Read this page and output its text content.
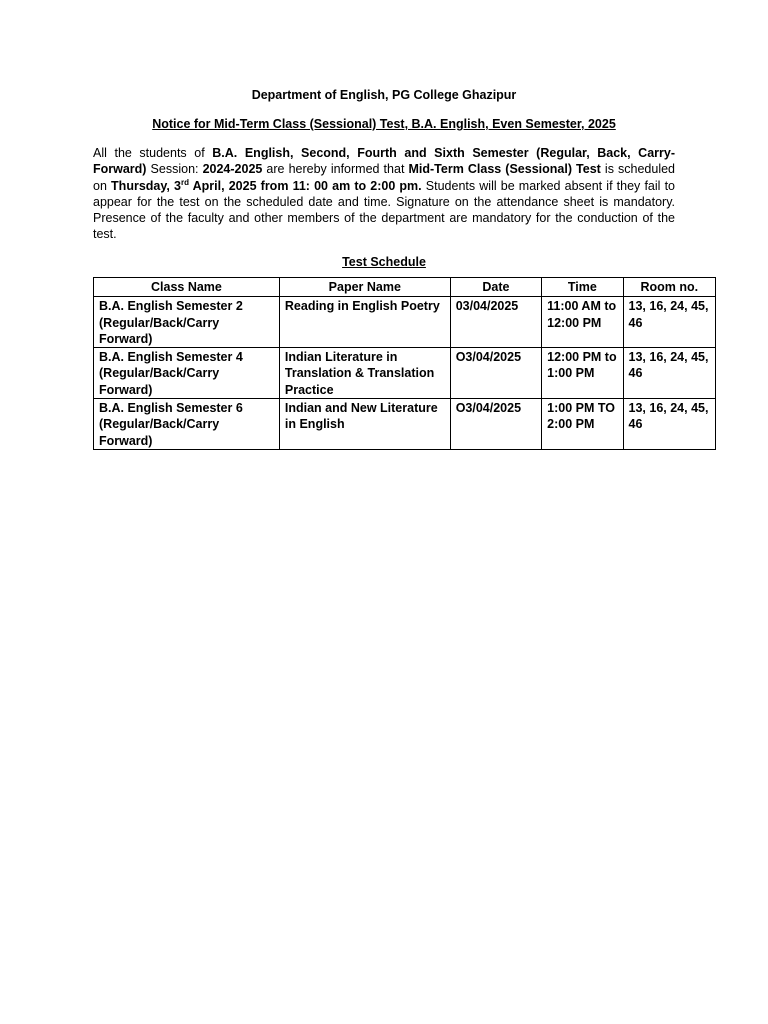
Department of English, PG College Ghazipur
Notice for Mid-Term Class (Sessional) Test, B.A. English, Even Semester, 2025

All the students of B.A. English, Second, Fourth and Sixth Semester (Regular, Back, Carry-Forward) Session: 2024-2025 are hereby informed that Mid-Term Class (Sessional) Test is scheduled on Thursday, 3rd April, 2025 from 11: 00 am to 2:00 pm. Students will be marked absent if they fail to appear for the test on the scheduled date and time. Signature on the attendance sheet is mandatory. Presence of the faculty and other members of the department are mandatory for the conduction of the test.

Test Schedule
Class Name	Paper Name	Date	Time	Room no.
B.A. English Semester 2 (Regular/Back/Carry Forward)	Reading in English Poetry	03/04/2025	11:00 AM to 12:00 PM	13, 16, 24, 45, 46
B.A. English Semester 4 (Regular/Back/Carry Forward)	Indian Literature in Translation & Translation Practice	O3/04/2025	12:00 PM to 1:00 PM	13, 16, 24, 45, 46
B.A. English Semester 6 (Regular/Back/Carry Forward)	Indian and New Literature in English	O3/04/2025	1:00 PM TO 2:00 PM	13, 16, 24, 45, 46
